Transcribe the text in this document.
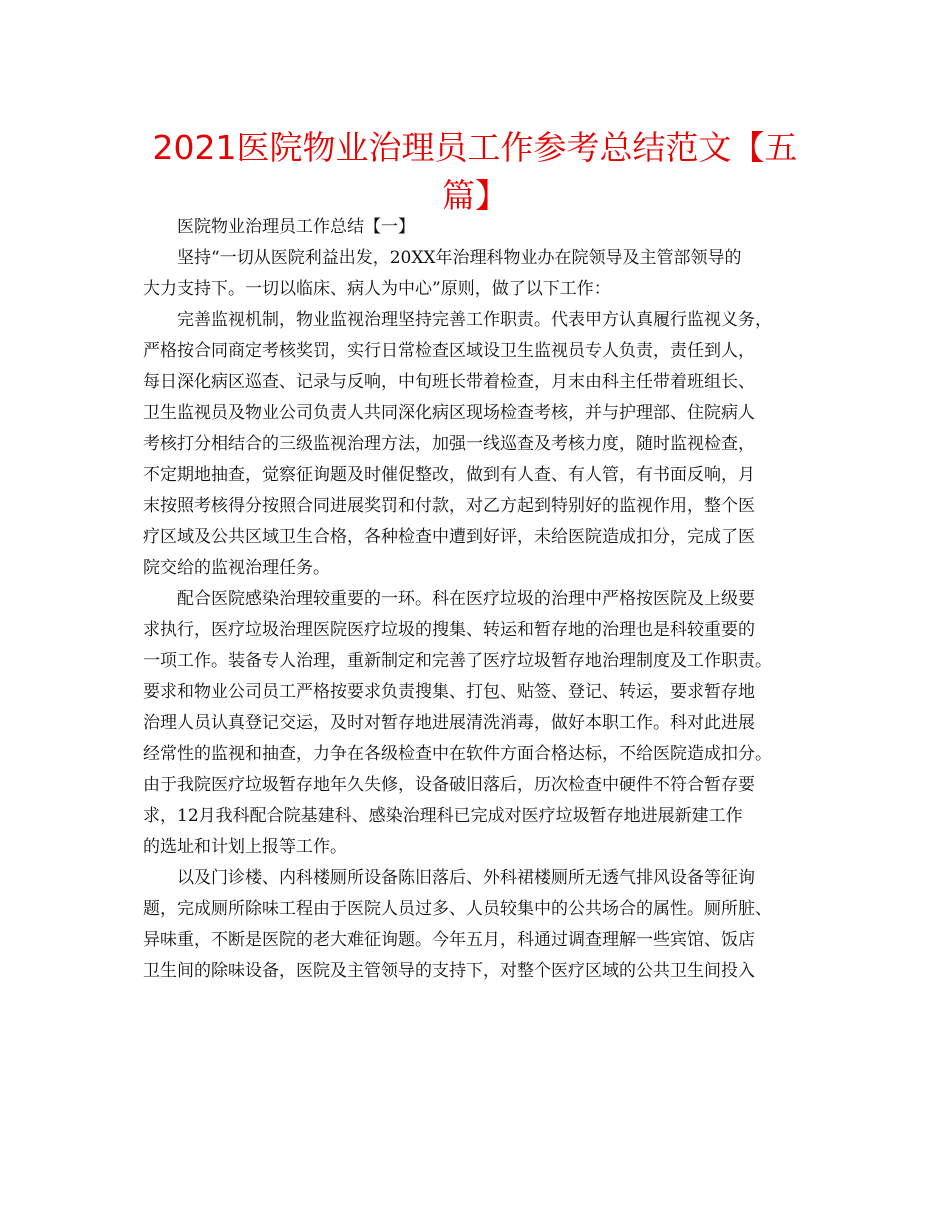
2021医院物业治理员工作参考总结范文【五篇】
医院物业治理员工作总结【一】
坚持“一切从医院利益出发，20XX年治理科物业办在院领导及主管部领导的
大力支持下。一切以临床、病人为中心”原则，做了以下工作：
完善监视机制，物业监视治理坚持完善工作职责。代表甲方认真履行监视义务，
严格按合同商定考核奖罚，实行日常检查区域设卫生监视员专人负责，责任到人，
每日深化病区巡查、记录与反响，中旬班长带着检查，月末由科主任带着班组长、
卫生监视员及物业公司负责人共同深化病区现场检查考核，并与护理部、住院病人
考核打分相结合的三级监视治理方法，加强一线巡查及考核力度，随时监视检查，
不定期地抽查，觉察征询题及时催促整改，做到有人查、有人管，有书面反响，月
末按照考核得分按照合同进展奖罚和付款，对乙方起到特别好的监视作用，整个医
疗区域及公共区域卫生合格，各种检查中遭到好评，未给医院造成扣分，完成了医
院交给的监视治理任务。
配合医院感染治理较重要的一环。科在医疗垃圾的治理中严格按医院及上级要
求执行，医疗垃圾治理医院医疗垃圾的搜集、转运和暂存地的治理也是科较重要的
一项工作。装备专人治理，重新制定和完善了医疗垃圾暂存地治理制度及工作职责。
要求和物业公司员工严格按要求负责搜集、打包、贴签、登记、转运，要求暂存地
治理人员认真登记交运，及时对暂存地进展清洗消毒，做好本职工作。科对此进展
经常性的监视和抽查，力争在各级检查中在软件方面合格达标，不给医院造成扣分。
由于我院医疗垃圾暂存地年久失修，设备破旧落后，历次检查中硬件不符合暂存要
求，12月我科配合院基建科、感染治理科已完成对医疗垃圾暂存地进展新建工作
的选址和计划上报等工作。
以及门诊楼、内科楼厕所设备陈旧落后、外科裙楼厕所无透气排风设备等征询
题，完成厕所除味工程由于医院人员过多、人员较集中的公共场合的属性。厕所脏、
异味重，不断是医院的老大难征询题。今年五月，科通过调查理解一些宾馆、饭店
卫生间的除味设备，医院及主管领导的支持下，对整个医疗区域的公共卫生间投入
